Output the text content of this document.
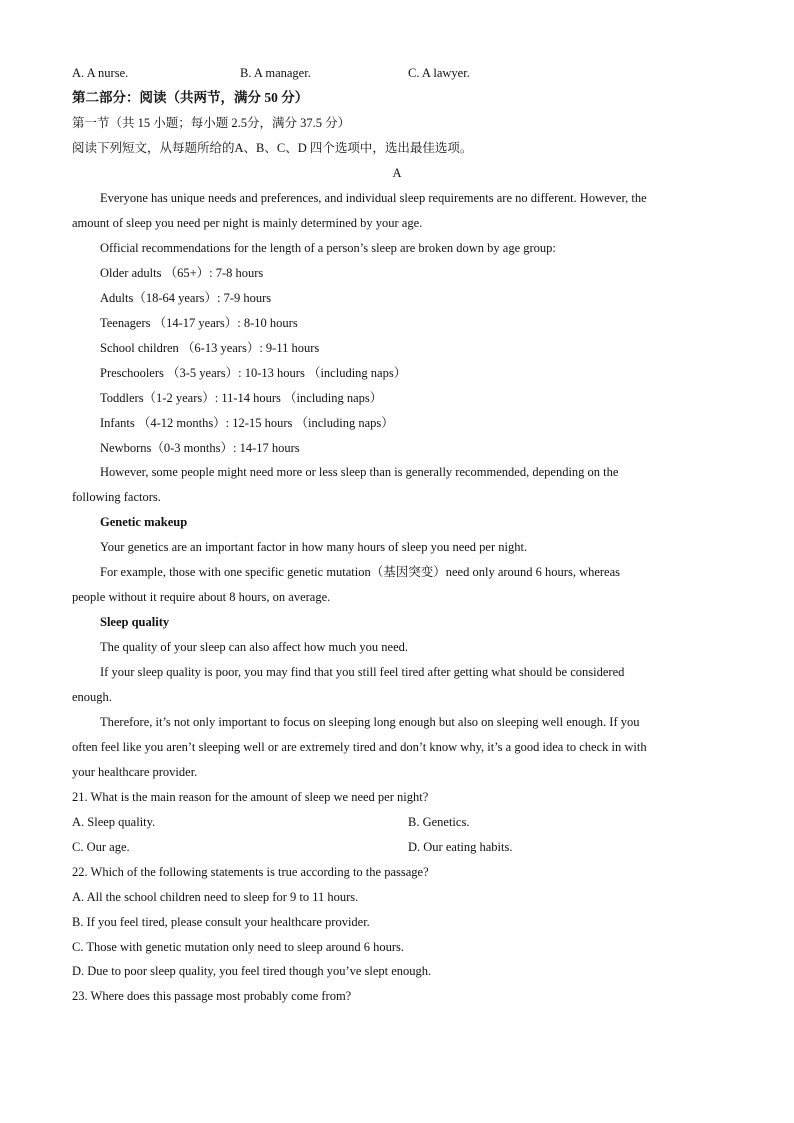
A. A nurse.	B. A manager.	C. A lawyer.
第二部分：阅读（共两节，满分 50 分）
第一节（共 15 小题；每小题 2.5分，满分 37.5 分）
阅读下列短文，从每题所给的A、B、C、D 四个选项中，选出最佳选项。
A
Everyone has unique needs and preferences, and individual sleep requirements are no different. However, the
amount of sleep you need per night is mainly determined by your age.
Official recommendations for the length of a person’s sleep are broken down by age group:
Older adults （65+）: 7-8 hours
Adults（18-64 years）: 7-9 hours
Teenagers （14-17 years）: 8-10 hours
School children （6-13 years）: 9-11 hours
Preschoolers （3-5 years）: 10-13 hours （including naps）
Toddlers（1-2 years）: 11-14 hours （including naps）
Infants （4-12 months）: 12-15 hours （including naps）
Newborns（0-3 months）: 14-17 hours
However, some people might need more or less sleep than is generally recommended, depending on the
following factors.
Genetic makeup
Your genetics are an important factor in how many hours of sleep you need per night.
For example, those with one specific genetic mutation（基因突变）need only around 6 hours, whereas
people without it require about 8 hours, on average.
Sleep quality
The quality of your sleep can also affect how much you need.
If your sleep quality is poor, you may find that you still feel tired after getting what should be considered
enough.
Therefore, it’s not only important to focus on sleeping long enough but also on sleeping well enough. If you
often feel like you aren’t sleeping well or are extremely tired and don’t know why, it’s a good idea to check in with
your healthcare provider.
21. What is the main reason for the amount of sleep we need per night?
A. Sleep quality.	B. Genetics.
C. Our age.	D. Our eating habits.
22. Which of the following statements is true according to the passage?
A. All the school children need to sleep for 9 to 11 hours.
B. If you feel tired, please consult your healthcare provider.
C. Those with genetic mutation only need to sleep around 6 hours.
D. Due to poor sleep quality, you feel tired though you’ve slept enough.
23. Where does this passage most probably come from?
